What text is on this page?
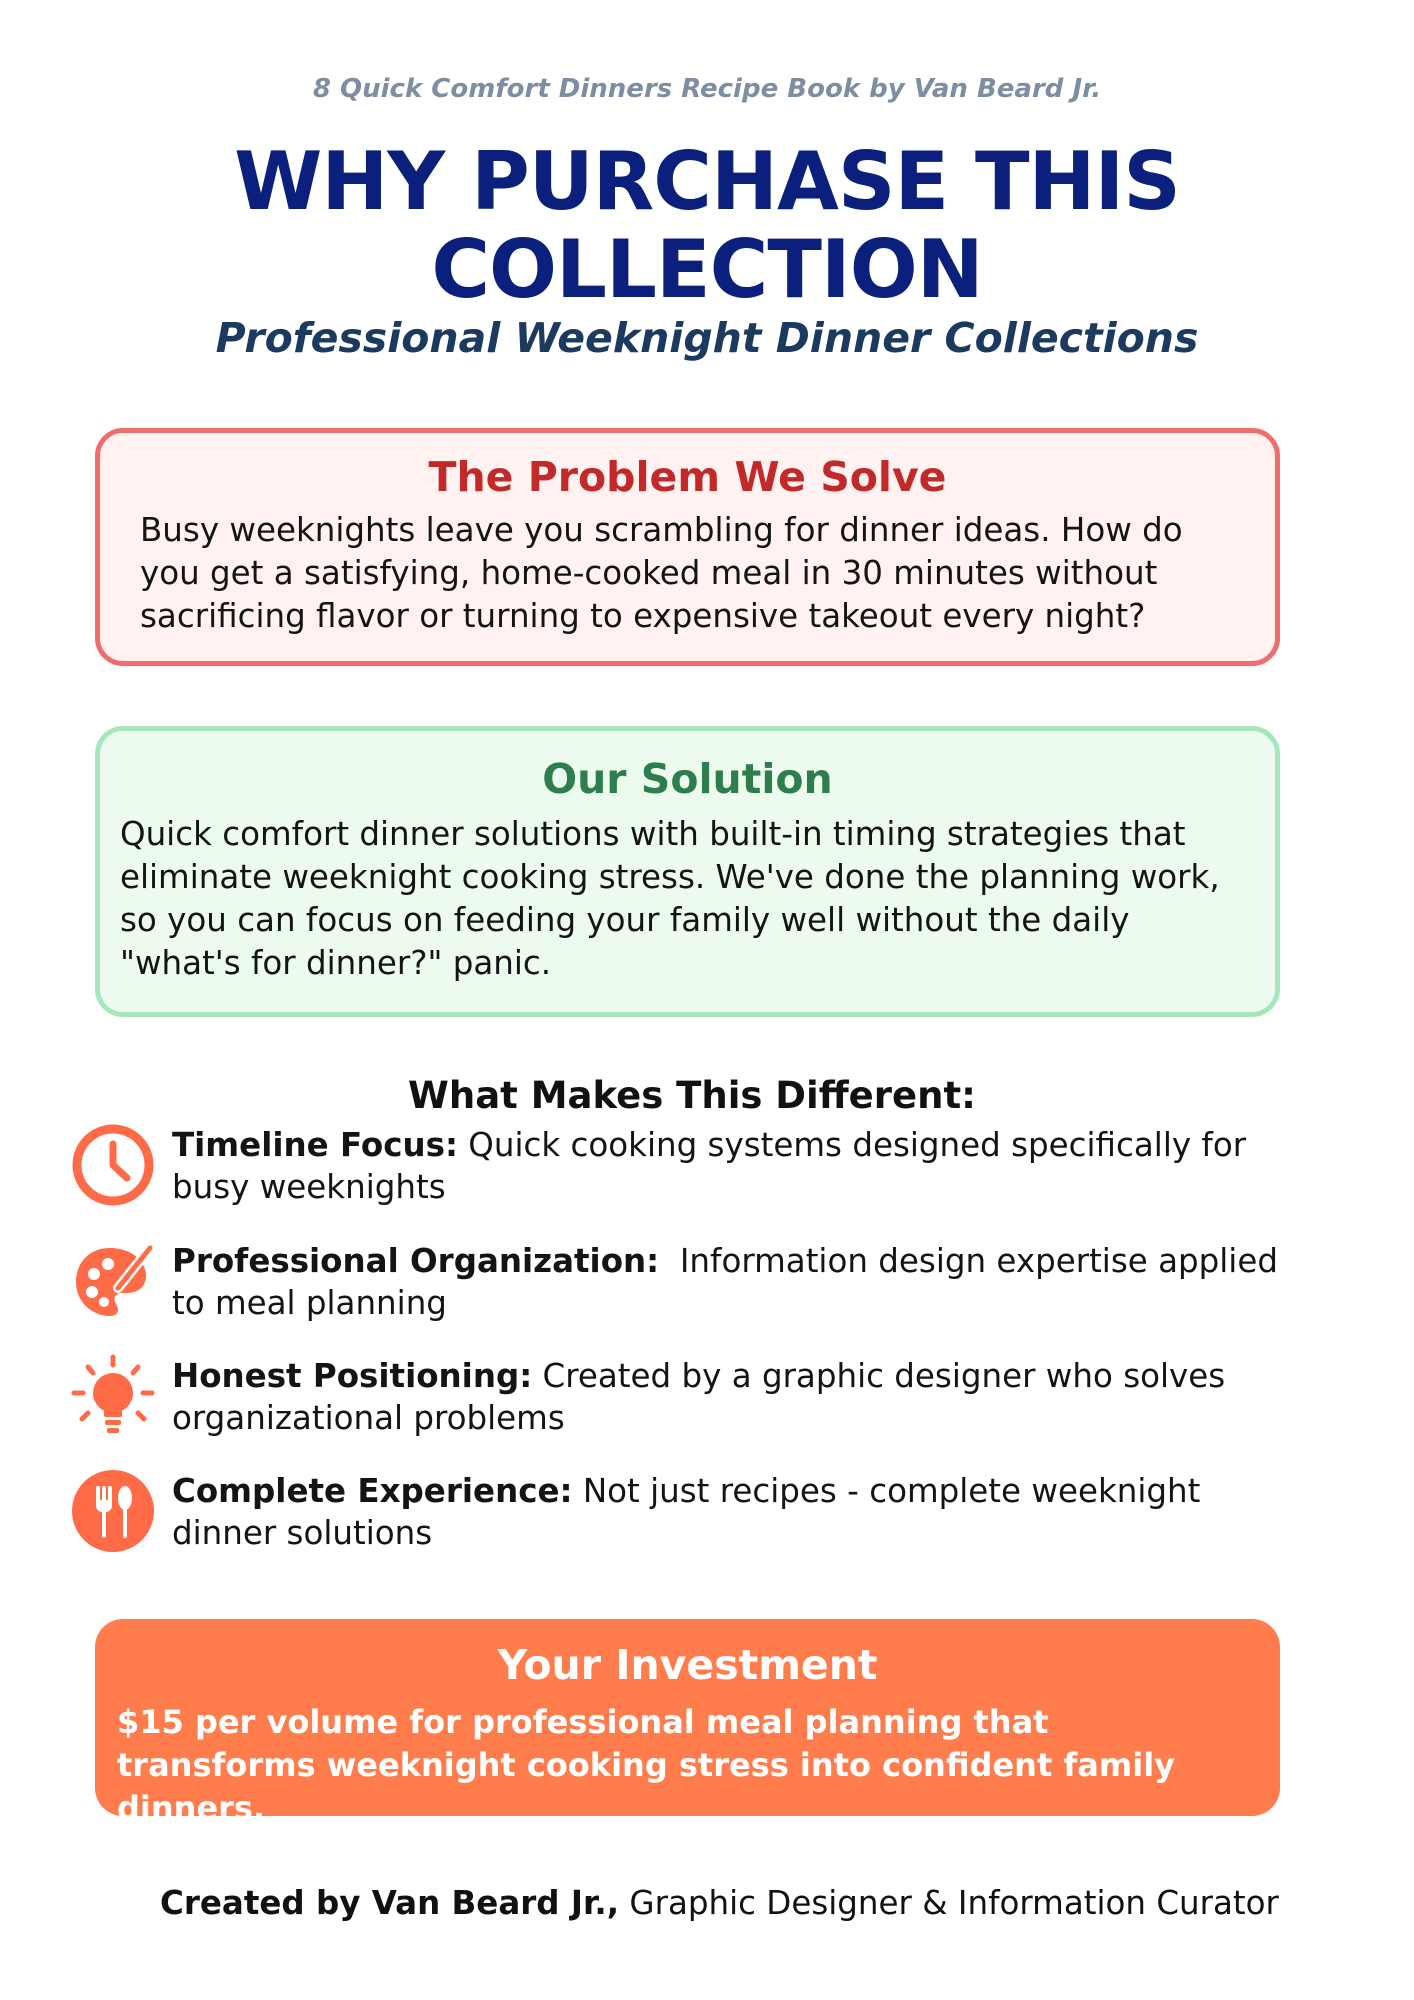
8 Quick Comfort Dinners Recipe Book by Van Beard Jr.
WHY PURCHASE THIS
COLLECTION
Professional Weeknight Dinner Collections
The Problem We Solve

Busy weeknights leave you scrambling for dinner ideas. How do you get a satisfying, home-cooked meal in 30 minutes without sacrificing flavor or turning to expensive takeout every night?

Our Solution

Quick comfort dinner solutions with built-in timing strategies that eliminate weeknight cooking stress. We've done the planning work, so you can focus on feeding your family well without the daily "what's for dinner?" panic.

What Makes This Different:
Timeline Focus: Quick cooking systems designed specifically for busy weeknights
Professional Organization:  Information design expertise applied to meal planning
Honest Positioning: Created by a graphic designer who solves organizational problems
Complete Experience: Not just recipes - complete weeknight dinner solutions
Your Investment

$15 per volume for professional meal planning that transforms weeknight cooking stress into confident family dinners.

Created by Van Beard Jr., Graphic Designer & Information Curator
